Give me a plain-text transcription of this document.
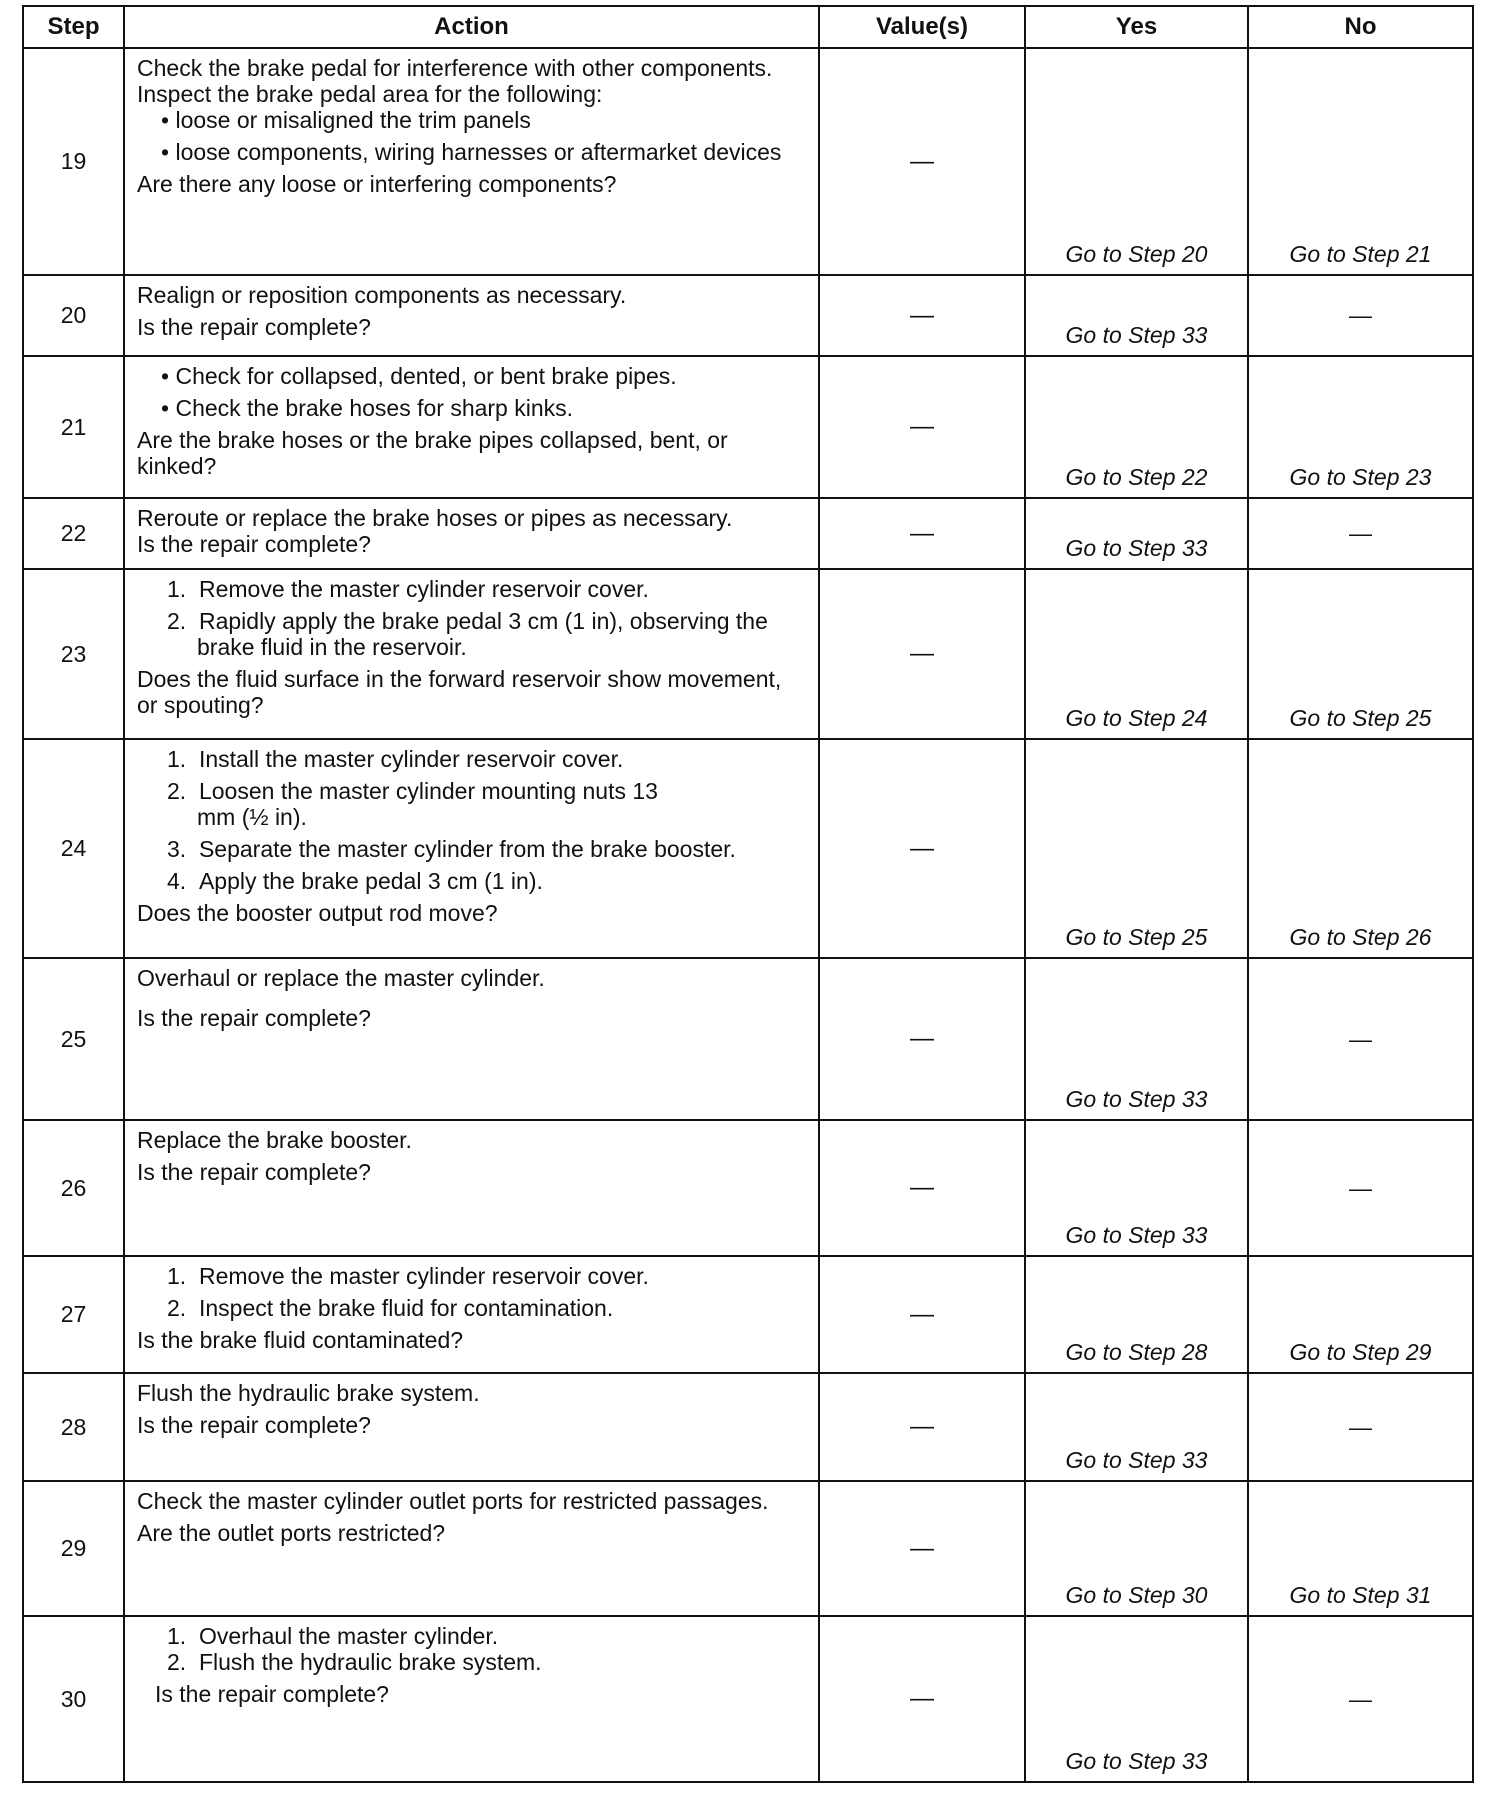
Step	Action	Value(s)	Yes	No
19	Check the brake pedal for interference with other components. Inspect the brake pedal area for the following:
• loose or misaligned the trim panels
• loose components, wiring harnesses or aftermarket devices
Are there any loose or interfering components?	—	Go to Step 20	Go to Step 21
20	Realign or reposition components as necessary.
Is the repair complete?	—	Go to Step 33	—
21	• Check for collapsed, dented, or bent brake pipes.
• Check the brake hoses for sharp kinks.
Are the brake hoses or the brake pipes collapsed, bent, or kinked?	—	Go to Step 22	Go to Step 23
22	Reroute or replace the brake hoses or pipes as necessary.
Is the repair complete?	—	Go to Step 33	—
23	1.  Remove the master cylinder reservoir cover.
2.  Rapidly apply the brake pedal 3 cm (1 in), observing the brake fluid in the reservoir.
Does the fluid surface in the forward reservoir show movement, or spouting?	—	Go to Step 24	Go to Step 25
24	1.  Install the master cylinder reservoir cover.
2.  Loosen the master cylinder mounting nuts 13 mm (½ in).
3.  Separate the master cylinder from the brake booster.
4.  Apply the brake pedal 3 cm (1 in).
Does the booster output rod move?	—	Go to Step 25	Go to Step 26
25	Overhaul or replace the master cylinder.
Is the repair complete?	—	Go to Step 33	—
26	Replace the brake booster.
Is the repair complete?	—	Go to Step 33	—
27	1.  Remove the master cylinder reservoir cover.
2.  Inspect the brake fluid for contamination.
Is the brake fluid contaminated?	—	Go to Step 28	Go to Step 29
28	Flush the hydraulic brake system.
Is the repair complete?	—	Go to Step 33	—
29	Check the master cylinder outlet ports for restricted passages.
Are the outlet ports restricted?	—	Go to Step 30	Go to Step 31
30	1.  Overhaul the master cylinder.
2.  Flush the hydraulic brake system.
Is the repair complete?	—	Go to Step 33	—
